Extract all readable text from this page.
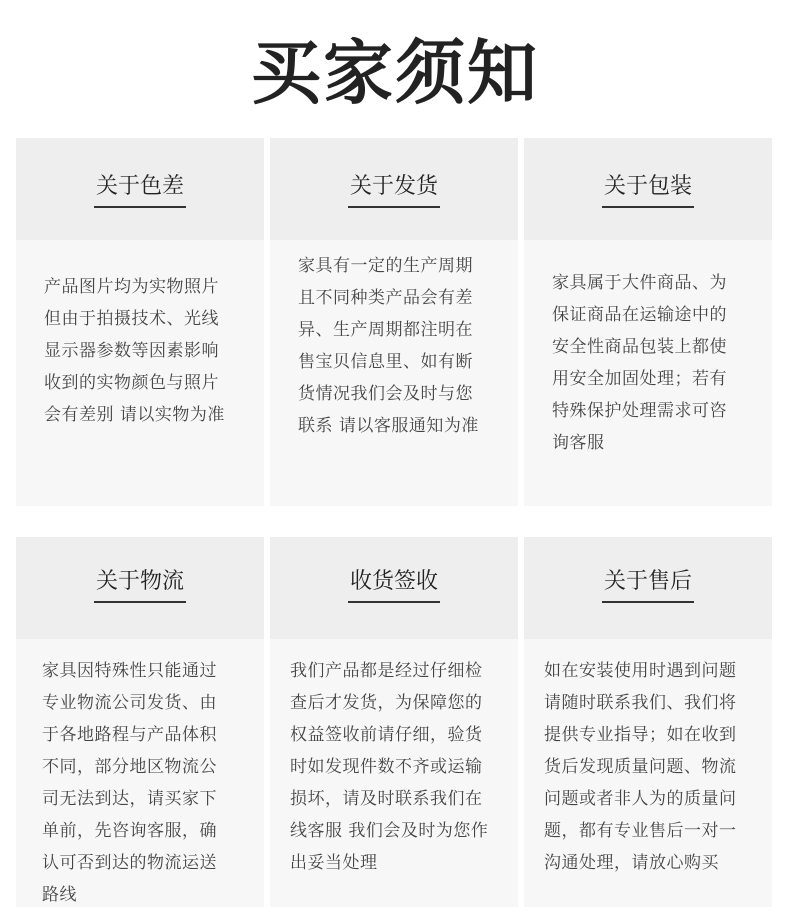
买家须知
关于色差
产品图片均为实物照片
但由于拍摄技术、光线
显示器参数等因素影响
收到的实物颜色与照片
会有差别 请以实物为准
关于发货
家具有一定的生产周期
且不同种类产品会有差
异、生产周期都注明在
售宝贝信息里、如有断
货情况我们会及时与您
联系 请以客服通知为准
关于包装
家具属于大件商品、为
保证商品在运输途中的
安全性商品包装上都使
用安全加固处理；若有
特殊保护处理需求可咨
询客服
关于物流
家具因特殊性只能通过
专业物流公司发货、由
于各地路程与产品体积
不同，部分地区物流公
司无法到达，请买家下
单前，先咨询客服，确
认可否到达的物流运送
路线
收货签收
我们产品都是经过仔细检
查后才发货，为保障您的
权益签收前请仔细，验货
时如发现件数不齐或运输
损坏，请及时联系我们在
线客服 我们会及时为您作
出妥当处理
关于售后
如在安装使用时遇到问题
请随时联系我们、我们将
提供专业指导；如在收到
货后发现质量问题、物流
问题或者非人为的质量问
题，都有专业售后一对一
沟通处理，请放心购买
